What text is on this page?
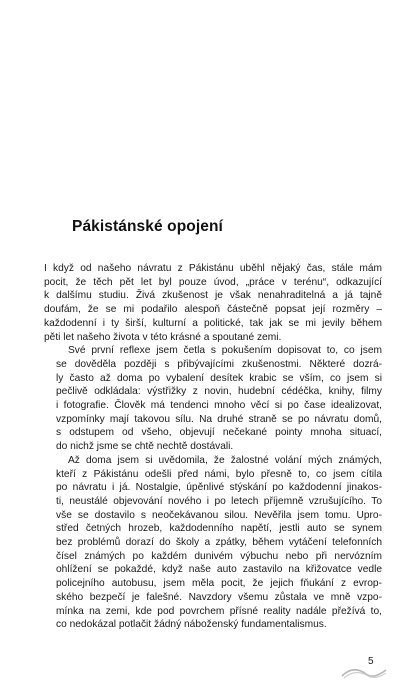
Pákistánské opojení

I když od našeho návratu z Pákistánu uběhl nějaký čas, stále mám
pocit, že těch pět let byl pouze úvod, „práce v terénu“, odkazující
k dalšímu studiu. Živá zkušenost je však nenahraditelná a já tajně
doufám, že se mi podařilo alespoň částečně popsat její rozměry –
každodenní i ty širší, kulturní a politické, tak jak se mi jevily během
pěti let našeho života v této krásné a spoutané zemi.

Své první reflexe jsem četla s pokušením dopisovat to, co jsem
se dověděla později s přibývajícími zkušenostmi. Některé dozrá-
ly často až doma po vybalení desítek krabic se vším, co jsem si
pečlivě odkládala: výstřižky z novin, hudební cédéčka, knihy, filmy
i fotografie. Člověk má tendenci mnoho věcí si po čase idealizovat,
vzpomínky mají takovou sílu. Na druhé straně se po návratu domů,
s odstupem od všeho, objevují nečekané pointy mnoha situací,
do nichž jsme se chtě nechtě dostávali.

Až doma jsem si uvědomila, že žalostné volání mých známých,
kteří z Pákistánu odešli před námi, bylo přesně to, co jsem cítila
po návratu i já. Nostalgie, úpěnlivé stýskání po každodenní jinakos-
ti, neustálé objevování nového i po letech příjemně vzrušujícího. To
vše se dostavilo s neočekávanou silou. Nevěřila jsem tomu. Upro-
střed četných hrozeb, každodenního napětí, jestli auto se synem
bez problémů dorazí do školy a zpátky, během vytáčení telefonních
čísel známých po každém dunivém výbuchu nebo při nervózním
ohlížení se pokaždé, když naše auto zastavilo na křižovatce vedle
policejního autobusu, jsem měla pocit, že jejich fňukání z evrop-
ského bezpečí je falešné. Navzdory všemu zůstala ve mně vzpo-
mínka na zemi, kde pod povrchem přísné reality nadále přežívá to,
co nedokázal potlačit žádný náboženský fundamentalismus.

5
